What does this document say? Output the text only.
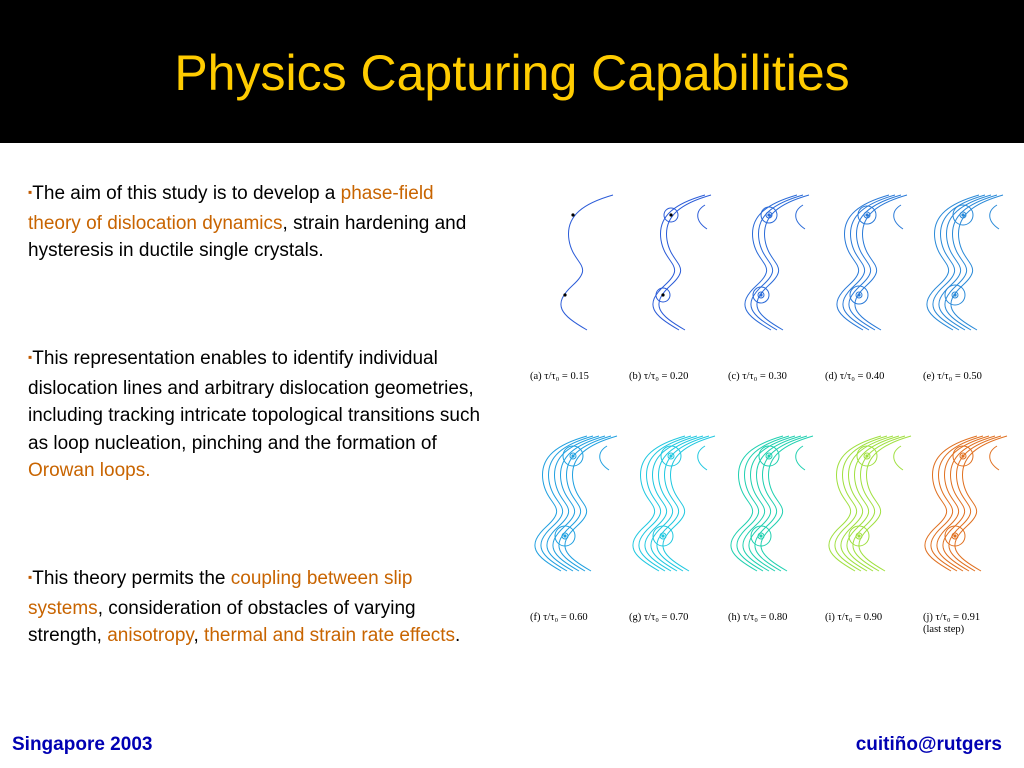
Physics Capturing Capabilities
▪The aim of this study is to develop a phase-field theory of dislocation dynamics, strain hardening and hysteresis in ductile single crystals.
▪This representation enables to identify individual dislocation lines and arbitrary dislocation geometries, including tracking intricate topological transitions such as loop nucleation, pinching and the formation of Orowan loops.
▪This theory permits the coupling between slip systems, consideration of obstacles of varying strength, anisotropy, thermal and strain rate effects.
(a) τ/τ₀ = 0.15	(b) τ/τ₀ = 0.20	(c) τ/τ₀ = 0.30	(d) τ/τ₀ = 0.40	(e) τ/τ₀ = 0.50
(f) τ/τ₀ = 0.60	(g) τ/τ₀ = 0.70	(h) τ/τ₀ = 0.80	(i) τ/τ₀ = 0.90	(j) τ/τ₀ = 0.91
(last step)
Singapore 2003	cuitiño@rutgers
